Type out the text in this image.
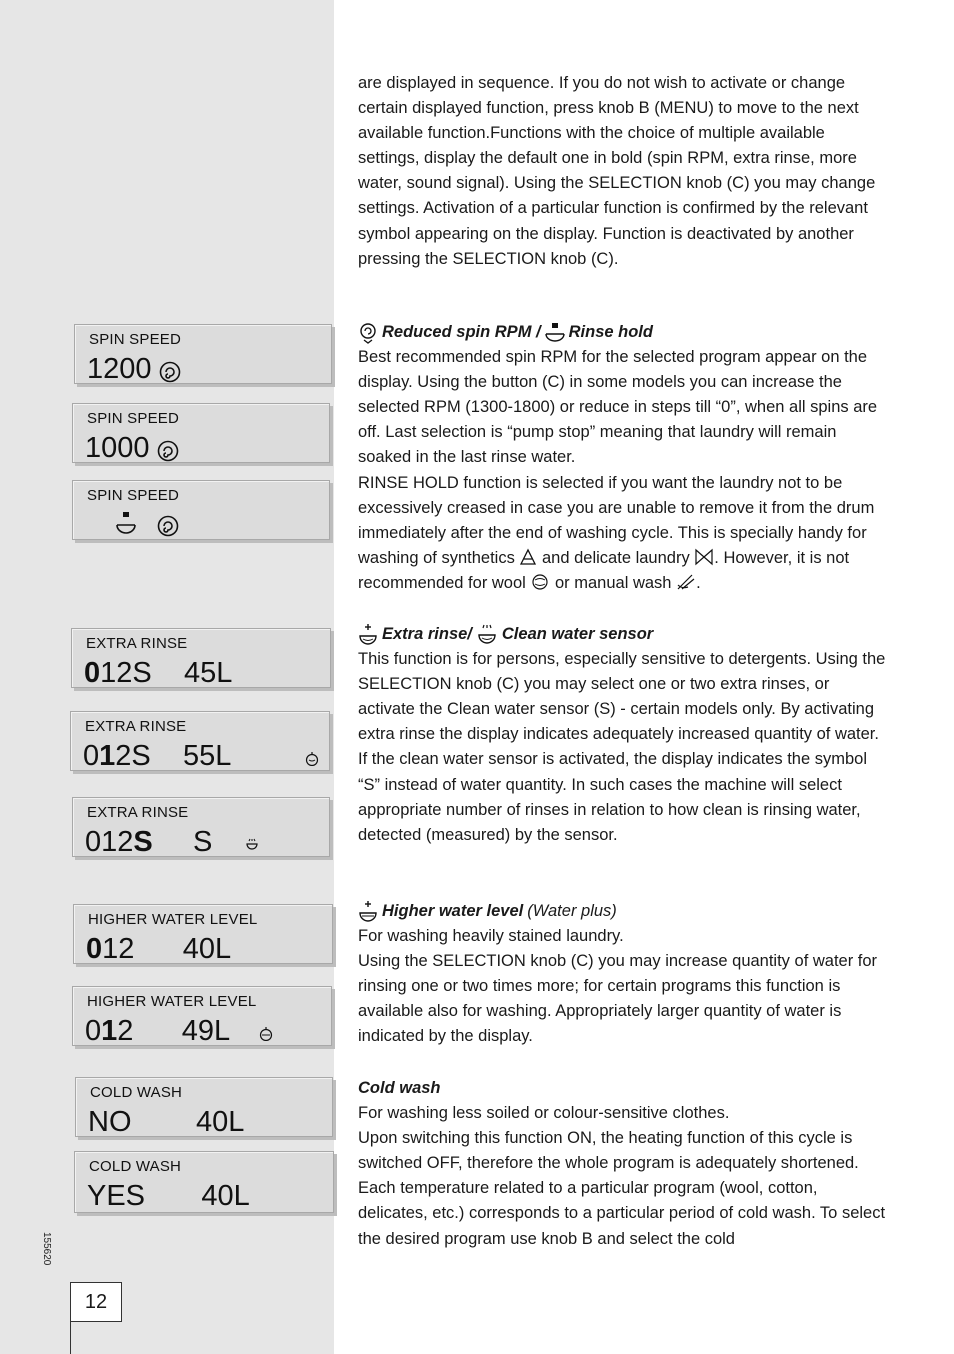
SPIN SPEED
1200
SPIN SPEED
1000
SPIN SPEED
EXTRA RINSE
012S    45L
EXTRA RINSE
012S    55L
EXTRA RINSE
012S     S
HIGHER WATER LEVEL
012      40L
HIGHER WATER LEVEL
012      49L
COLD WASH
NO        40L
COLD WASH
YES       40L
155620
12

are displayed in sequence. If you do not wish to activate or change certain displayed function, press knob B (MENU) to move to the next available function.Functions with the choice of multiple available settings, display the default one in bold (spin RPM, extra rinse, more water, sound signal). Using the SELECTION knob (C) you may change settings. Activation of a particular function is confirmed by the relevant symbol appearing on the display. Function is deactivated by another pressing the SELECTION knob (C).

Reduced spin RPM / Rinse hold

Best recommended spin RPM for the selected program appear on the display. Using the button (C) in some models you can increase the selected RPM (1300-1800) or reduce in steps till “0”, when all spins are off. Last selection is “pump stop” meaning that laundry will remain soaked in the last rinse water.

RINSE HOLD function is selected if you want the laundry not to be excessively creased in case you are unable to remove it from the drum immediately after the end of washing cycle. This is specially handy for washing of synthetics  and delicate laundry . However, it is not recommended for wool  or manual wash .

Extra rinse/ Clean water sensor

This function is for persons, especially sensitive to detergents. Using the SELECTION knob (C) you may select one or two extra rinses, or activate the Clean water sensor (S) - certain models only. By activating extra rinse the display indicates adequately increased quantity of water. If the clean water sensor is activated, the display indicates the symbol “S” instead of water quantity. In such cases the machine will select appropriate number of rinses in relation to how clean is rinsing water, detected (measured) by the sensor.

Higher water level (Water plus)

For washing heavily stained laundry.

Using the SELECTION knob (C) you may increase quantity of water for rinsing one or two times more; for certain programs this function is available also for washing. Appropriately larger quantity of water is indicated by the display.

Cold wash

For washing less soiled or colour-sensitive clothes.

Upon switching this function ON, the heating function of this cycle is switched OFF, therefore the whole program is adequately shortened.

Each temperature related to a particular program (wool, cotton, delicates, etc.) corresponds to a particular period of cold wash. To select the desired program use knob B and select the cold
